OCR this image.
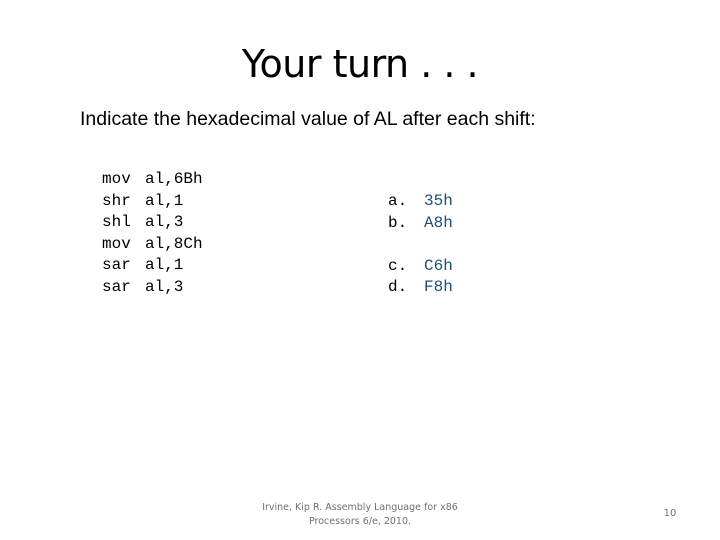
Your turn . . .
Indicate the hexadecimal value of AL after each shift:
mov al,6Bh
shr al,1
shl al,3
mov al,8Ch
sar al,1
sar al,3
a. 35h
b. A8h
c. C6h
d. F8h
Irvine, Kip R. Assembly Language for x86
Processors 6/e, 2010.
10
